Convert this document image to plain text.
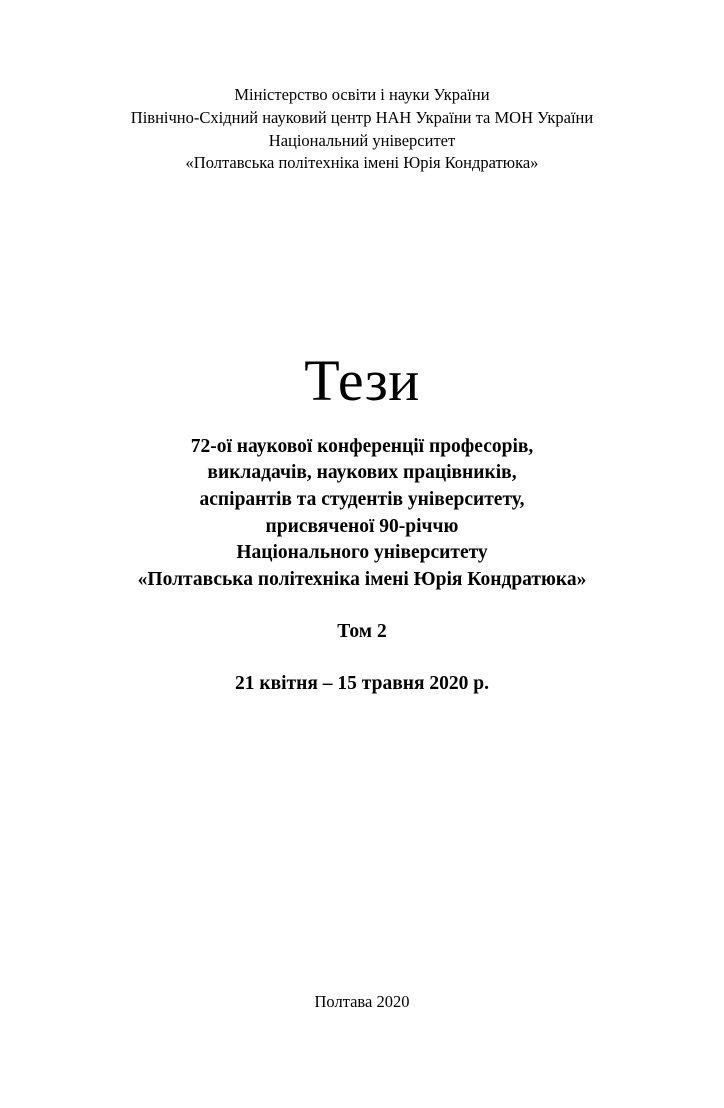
Міністерство освіти і науки України
Північно-Східний науковий центр НАН України та МОН України
Національний університет
«Полтавська політехніка імені Юрія Кондратюка»
Тези
72-ої наукової конференції професорів,
викладачів, наукових працівників,
аспірантів та студентів університету,
присвяченої 90-річчю
Національного університету
«Полтавська політехніка імені Юрія Кондратюка»
Том 2
21 квітня – 15 травня 2020 р.
Полтава 2020
